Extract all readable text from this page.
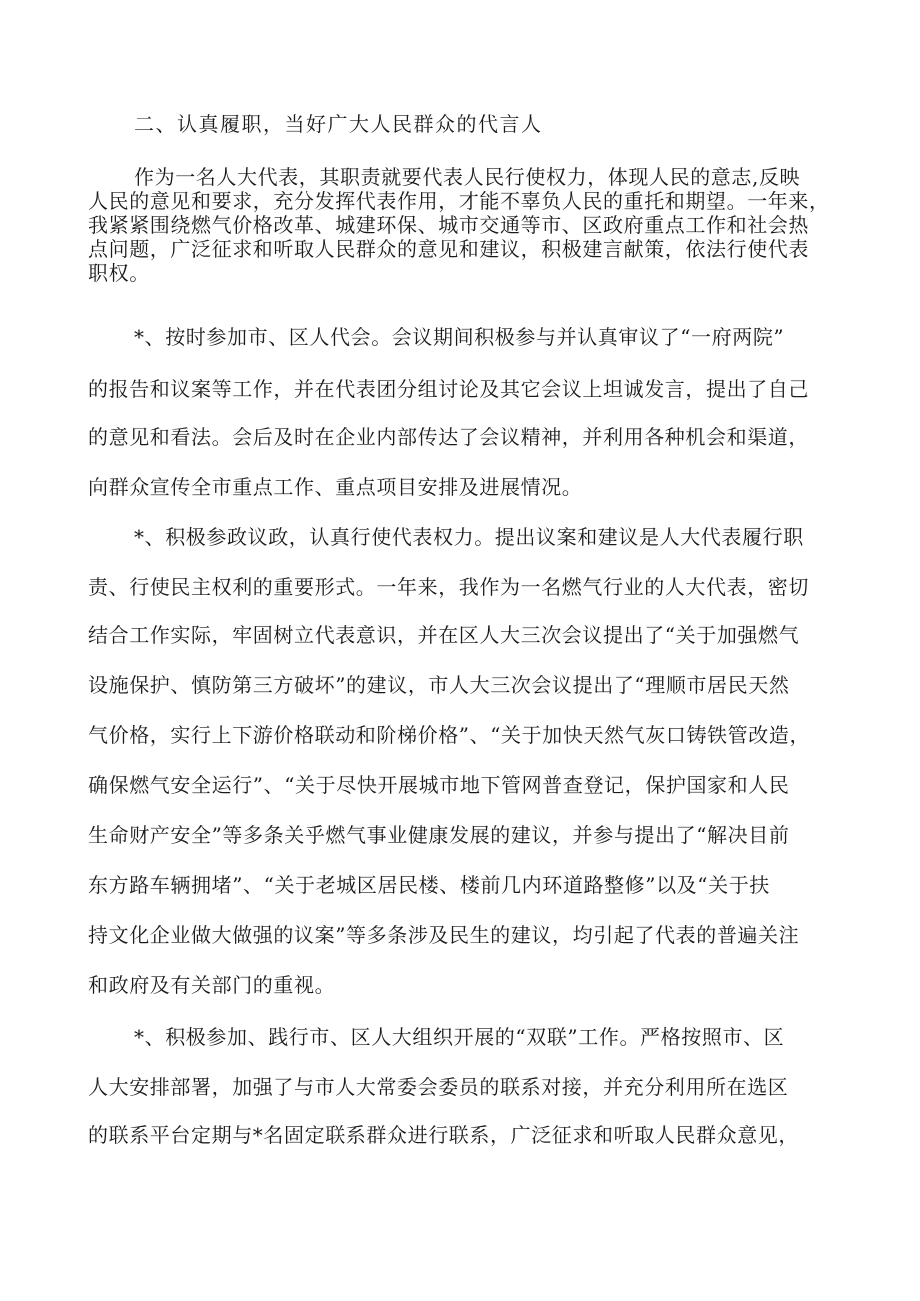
二、认真履职，当好广大人民群众的代言人
作为一名人大代表，其职责就要代表人民行使权力，体现人民的意志,反映
人民的意见和要求，充分发挥代表作用，才能不辜负人民的重托和期望。一年来，
我紧紧围绕燃气价格改革、城建环保、城市交通等市、区政府重点工作和社会热
点问题，广泛征求和听取人民群众的意见和建议，积极建言献策，依法行使代表
职权。
*、按时参加市、区人代会。会议期间积极参与并认真审议了“一府两院”
的报告和议案等工作，并在代表团分组讨论及其它会议上坦诚发言，提出了自己
的意见和看法。会后及时在企业内部传达了会议精神，并利用各种机会和渠道，
向群众宣传全市重点工作、重点项目安排及进展情况。
*、积极参政议政，认真行使代表权力。提出议案和建议是人大代表履行职
责、行使民主权利的重要形式。一年来，我作为一名燃气行业的人大代表，密切
结合工作实际，牢固树立代表意识，并在区人大三次会议提出了“关于加强燃气
设施保护、慎防第三方破坏”的建议，市人大三次会议提出了“理顺市居民天然
气价格，实行上下游价格联动和阶梯价格”、“关于加快天然气灰口铸铁管改造，
确保燃气安全运行”、“关于尽快开展城市地下管网普查登记，保护国家和人民
生命财产安全”等多条关乎燃气事业健康发展的建议，并参与提出了“解决目前
东方路车辆拥堵”、“关于老城区居民楼、楼前几内环道路整修”以及“关于扶
持文化企业做大做强的议案”等多条涉及民生的建议，均引起了代表的普遍关注
和政府及有关部门的重视。
*、积极参加、践行市、区人大组织开展的“双联”工作。严格按照市、区
人大安排部署，加强了与市人大常委会委员的联系对接，并充分利用所在选区
的联系平台定期与*名固定联系群众进行联系，广泛征求和听取人民群众意见，
